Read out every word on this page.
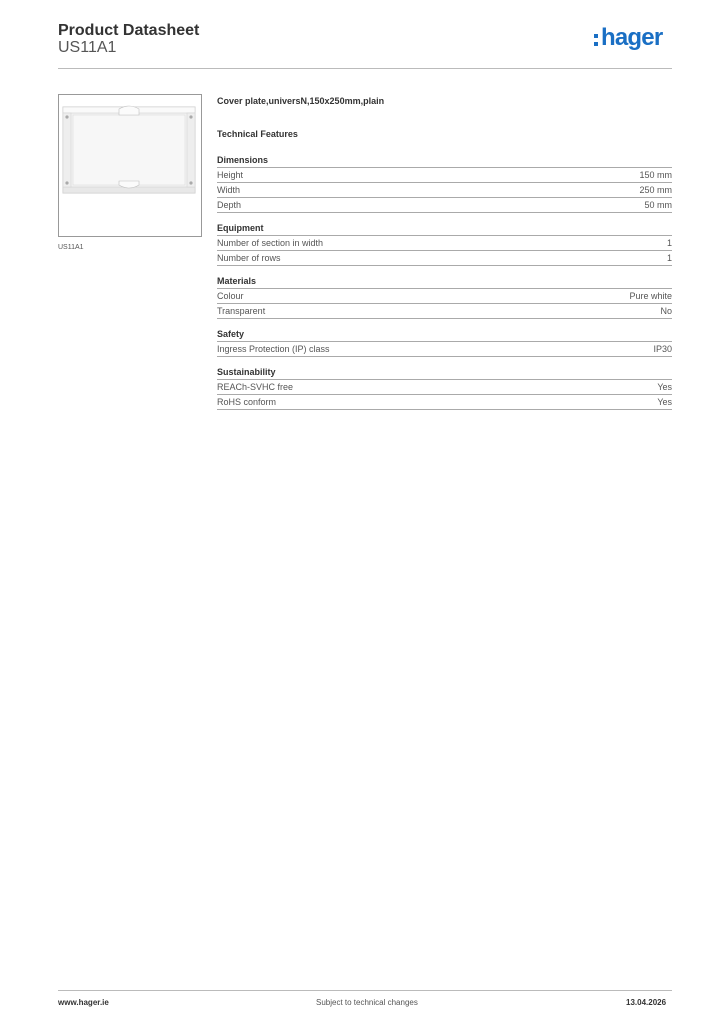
Product Datasheet
US11A1	hager
US11A1
Cover plate,universN,150x250mm,plain
Technical Features
Dimensions
Height	150 mm
Width	250 mm
Depth	50 mm
Equipment
Number of section in width	1
Number of rows	1
Materials
Colour	Pure white
Transparent	No
Safety
Ingress Protection (IP) class	IP30
Sustainability
REACh-SVHC free	Yes
RoHS conform	Yes
www.hager.ie	Subject to technical changes	13.04.2026
